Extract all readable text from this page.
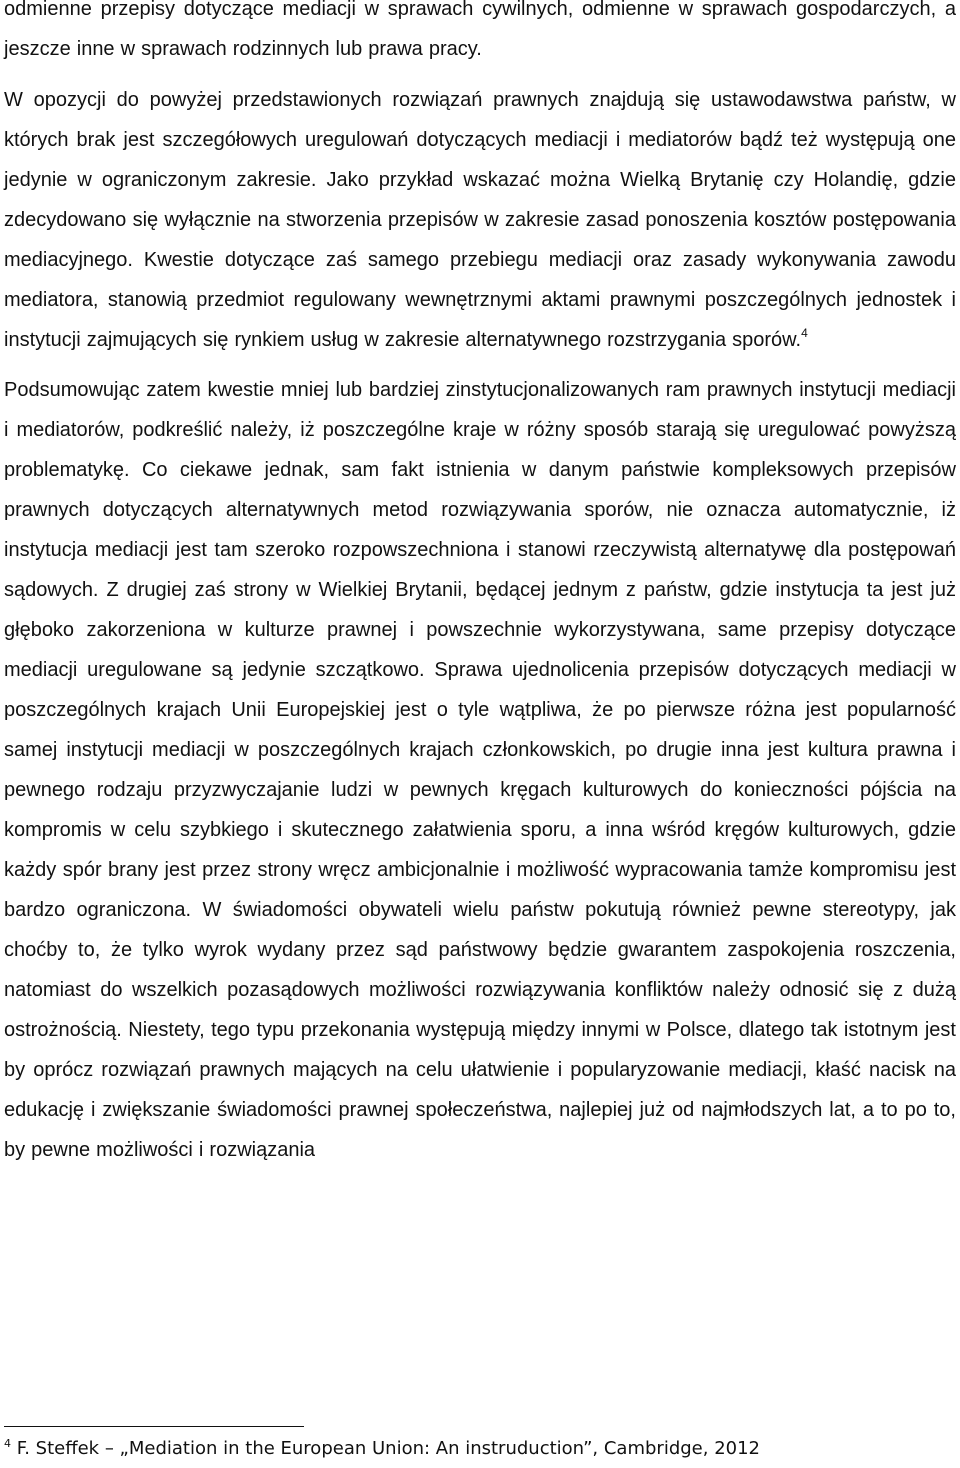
odmienne przepisy dotyczące mediacji w sprawach cywilnych, odmienne w sprawach gospodarczych, a jeszcze inne w sprawach rodzinnych lub prawa pracy.

W opozycji do powyżej przedstawionych rozwiązań prawnych znajdują się ustawodawstwa państw, w których brak jest szczegółowych uregulowań dotyczących mediacji i mediatorów bądź też występują one jedynie w ograniczonym zakresie. Jako przykład wskazać można Wielką Brytanię czy Holandię, gdzie zdecydowano się wyłącznie na stworzenia przepisów w zakresie zasad ponoszenia kosztów postępowania mediacyjnego. Kwestie dotyczące zaś samego przebiegu mediacji oraz zasady wykonywania zawodu mediatora, stanowią przedmiot regulowany wewnętrznymi aktami prawnymi poszczególnych jednostek i instytucji zajmujących się rynkiem usług w zakresie alternatywnego rozstrzygania sporów.$^4$

Podsumowując zatem kwestie mniej lub bardziej zinstytucjonalizowanych ram prawnych instytucji mediacji i mediatorów, podkreślić należy, iż poszczególne kraje w różny sposób starają się uregulować powyższą problematykę. Co ciekawe jednak, sam fakt istnienia w danym państwie kompleksowych przepisów prawnych dotyczących alternatywnych metod rozwiązywania sporów, nie oznacza automatycznie, iż instytucja mediacji jest tam szeroko rozpowszechniona i stanowi rzeczywistą alternatywę dla postępowań sądowych. Z drugiej zaś strony w Wielkiej Brytanii, będącej jednym z państw, gdzie instytucja ta jest już głęboko zakorzeniona w kulturze prawnej i powszechnie wykorzystywana, same przepisy dotyczące mediacji uregulowane są jedynie szczątkowo. Sprawa ujednolicenia przepisów dotyczących mediacji w poszczególnych krajach Unii Europejskiej jest o tyle wątpliwa, że po pierwsze różna jest popularność samej instytucji mediacji w poszczególnych krajach członkowskich, po drugie inna jest kultura prawna i pewnego rodzaju przyzwyczajanie ludzi w pewnych kręgach kulturowych do konieczności pójścia na kompromis w celu szybkiego i skutecznego załatwienia sporu, a inna wśród kręgów kulturowych, gdzie każdy spór brany jest przez strony wręcz ambicjonalnie i możliwość wypracowania tamże kompromisu jest bardzo ograniczona. W świadomości obywateli wielu państw pokutują również pewne stereotypy, jak choćby to, że tylko wyrok wydany przez sąd państwowy będzie gwarantem zaspokojenia roszczenia, natomiast do wszelkich pozasądowych możliwości rozwiązywania konfliktów należy odnosić się z dużą ostrożnością. Niestety, tego typu przekonania występują między innymi w Polsce, dlatego tak istotnym jest by oprócz rozwiązań prawnych mających na celu ułatwienie i popularyzowanie mediacji, kłaść nacisk na edukację i zwiększanie świadomości prawnej społeczeństwa, najlepiej już od najmłodszych lat, a to po to, by pewne możliwości i rozwiązania

$^4$ F. Steffek – „Mediation in the European Union: An instruduction”, Cambridge, 2012
